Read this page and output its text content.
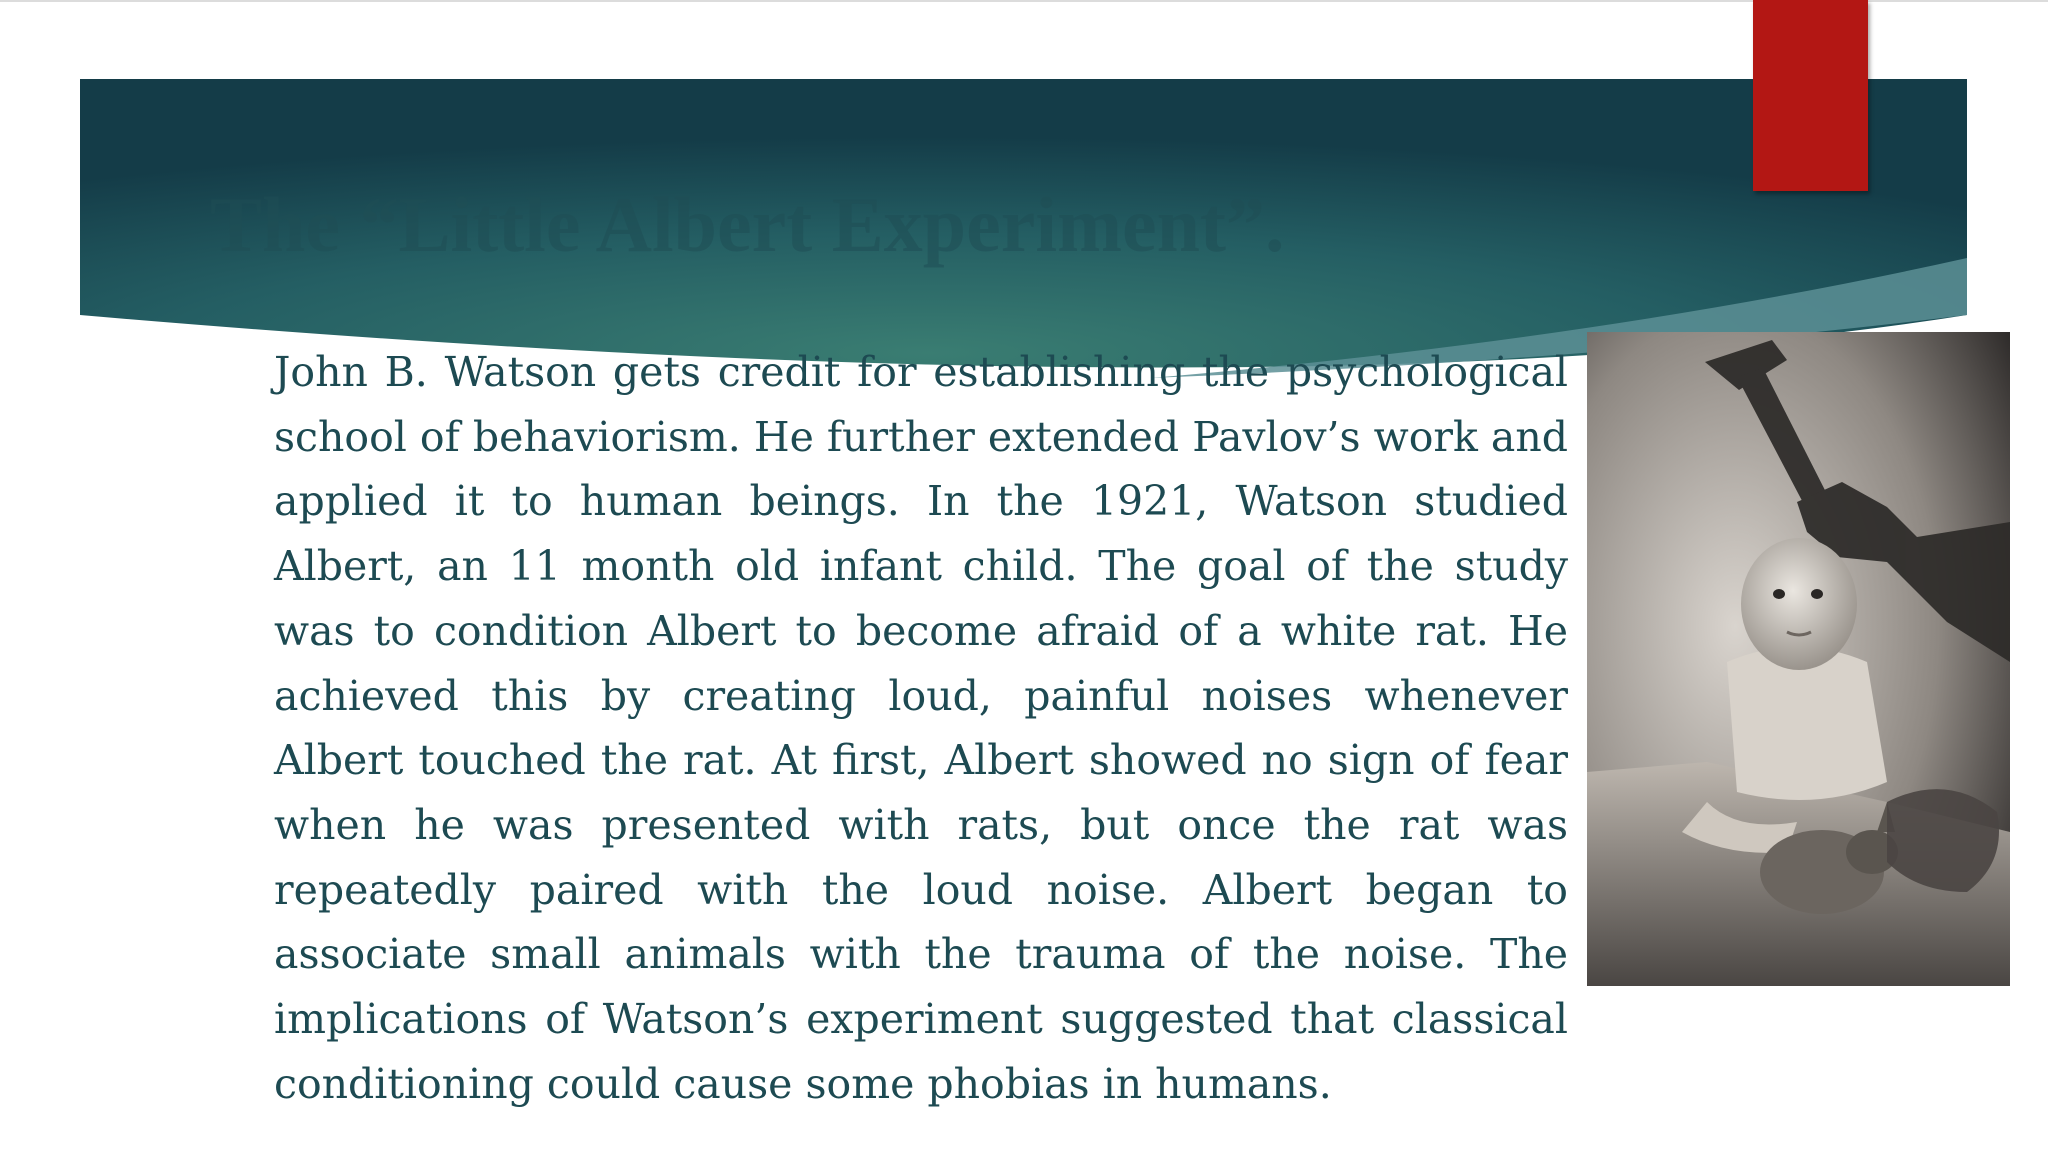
The “Little Albert Experiment”.

John B. Watson gets credit for establishing the psychological school of behaviorism. He further extended Pavlov’s work and applied it to human beings. In the 1921, Watson studied Albert, an 11 month old infant child. The goal of the study was to condition Albert to become afraid of a white rat. He achieved this by creating loud, painful noises whenever Albert touched the rat. At first, Albert showed no sign of fear when he was presented with rats, but once the rat was repeatedly paired with the loud noise. Albert began to associate small animals with the trauma of the noise. The implications of Watson’s experiment suggested that classical conditioning could cause some phobias in humans.
